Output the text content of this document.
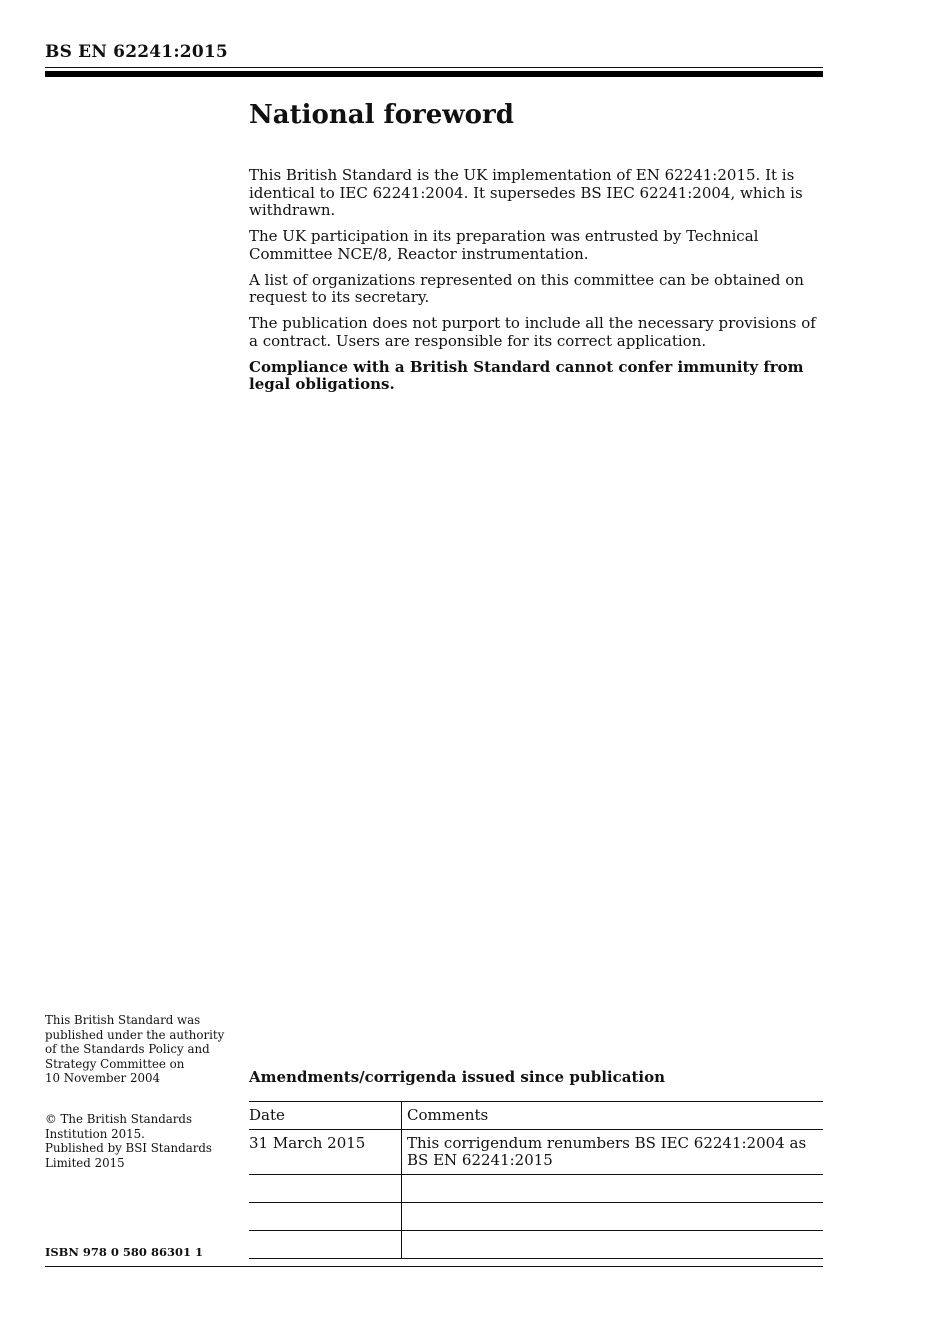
BS EN 62241:2015
National foreword

This British Standard is the UK implementation of EN 62241:2015. It is identical to IEC 62241:2004. It supersedes BS IEC 62241:2004, which is withdrawn.

The UK participation in its preparation was entrusted by Technical Committee NCE/8, Reactor instrumentation.

A list of organizations represented on this committee can be obtained on request to its secretary.

The publication does not purport to include all the necessary provisions of a contract. Users are responsible for its correct application.

Compliance with a British Standard cannot confer immunity from legal obligations.

This British Standard was
published under the authority
of the Standards Policy and
Strategy Committee on
10 November 2004
© The British Standards
Institution 2015.
Published by BSI Standards
Limited 2015
ISBN 978 0 580 86301 1
Amendments/corrigenda issued since publication
Date	Comments
31 March 2015	This corrigendum renumbers BS IEC 62241:2004 as
BS EN 62241:2015
